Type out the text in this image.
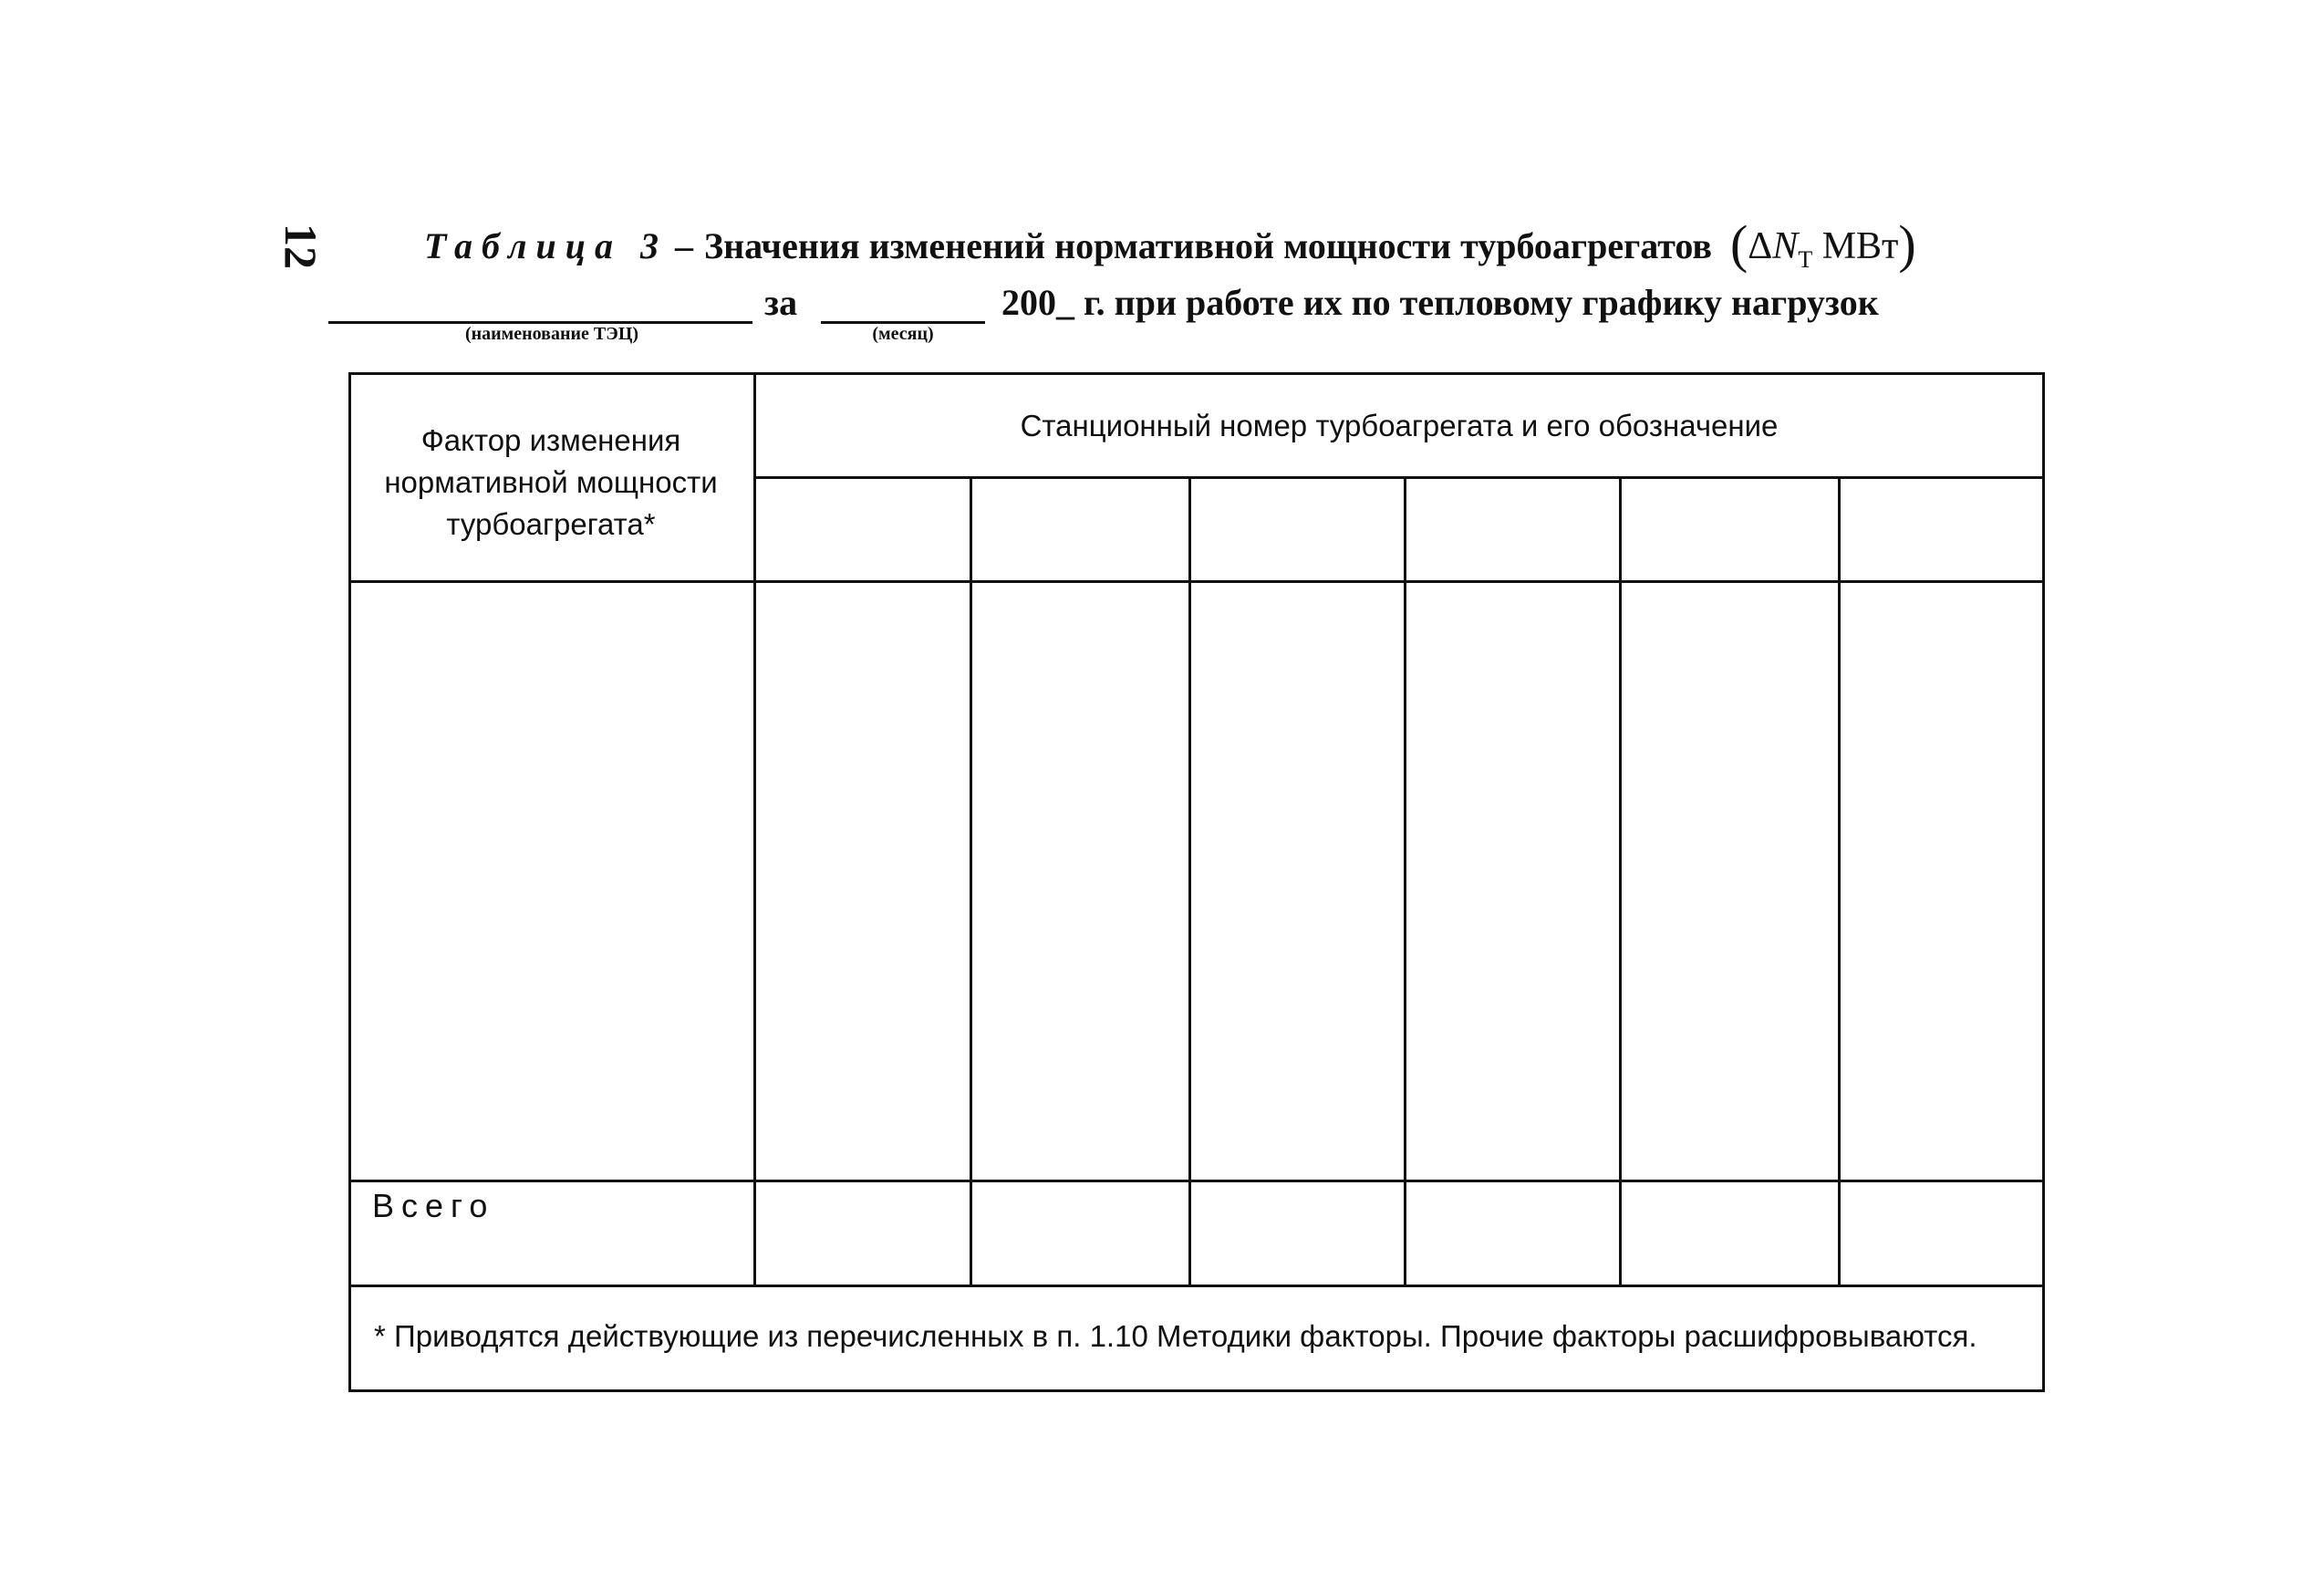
12	Таблица 3 – Значения изменений нормативной мощности турбоагрегатов ($\Delta N_Т$ МВт)
(наименование ТЭЦ)
за
(месяц)
200_ г. при работе их по тепловому графику нагрузок
Фактор изменения
нормативной мощности
турбоагрегата*
Станционный номер турбоагрегата и его обозначение
Всего
* Приводятся действующие из перечисленных в п. 1.10 Методики факторы. Прочие факторы расшифровываются.
